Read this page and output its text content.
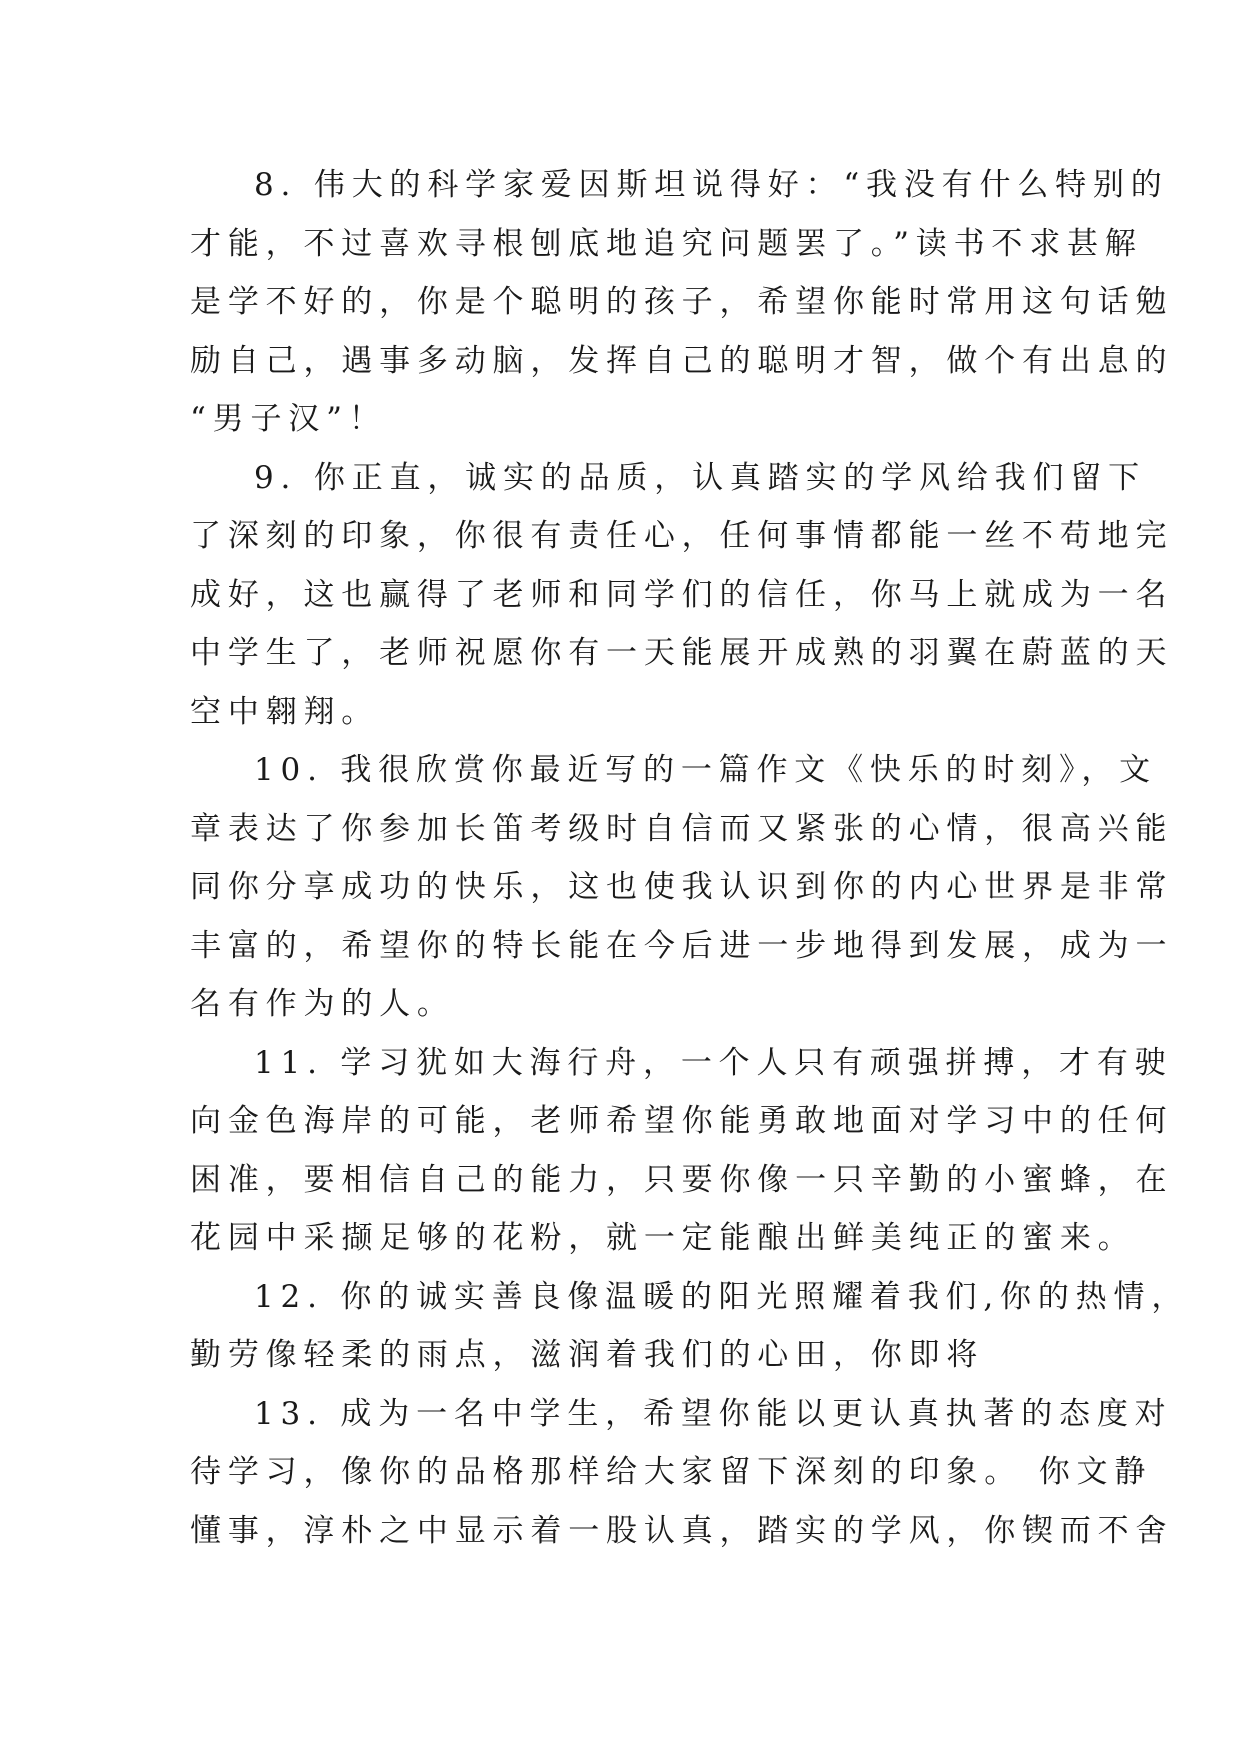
8. 伟大的科学家爱因斯坦说得好：“我没有什么特别的
才能，不过喜欢寻根刨底地追究问题罢了。”读书不求甚解
是学不好的，你是个聪明的孩子，希望你能时常用这句话勉
励自己，遇事多动脑，发挥自己的聪明才智，做个有出息的
“男子汉”！
9. 你正直，诚实的品质，认真踏实的学风给我们留下
了深刻的印象，你很有责任心，任何事情都能一丝不苟地完
成好，这也赢得了老师和同学们的信任，你马上就成为一名
中学生了，老师祝愿你有一天能展开成熟的羽翼在蔚蓝的天
空中翱翔。
10. 我很欣赏你最近写的一篇作文《快乐的时刻》，文
章表达了你参加长笛考级时自信而又紧张的心情，很高兴能
同你分享成功的快乐，这也使我认识到你的内心世界是非常
丰富的，希望你的特长能在今后进一步地得到发展，成为一
名有作为的人。
11. 学习犹如大海行舟，一个人只有顽强拼搏，才有驶
向金色海岸的可能，老师希望你能勇敢地面对学习中的任何
困准，要相信自己的能力，只要你像一只辛勤的小蜜蜂，在
花园中采撷足够的花粉，就一定能酿出鲜美纯正的蜜来。
12. 你的诚实善良像温暖的阳光照耀着我们,你的热情，
勤劳像轻柔的雨点，滋润着我们的心田，你即将
13. 成为一名中学生，希望你能以更认真执著的态度对
待学习，像你的品格那样给大家留下深刻的印象。 你文静
懂事，淳朴之中显示着一股认真，踏实的学风，你锲而不舍
